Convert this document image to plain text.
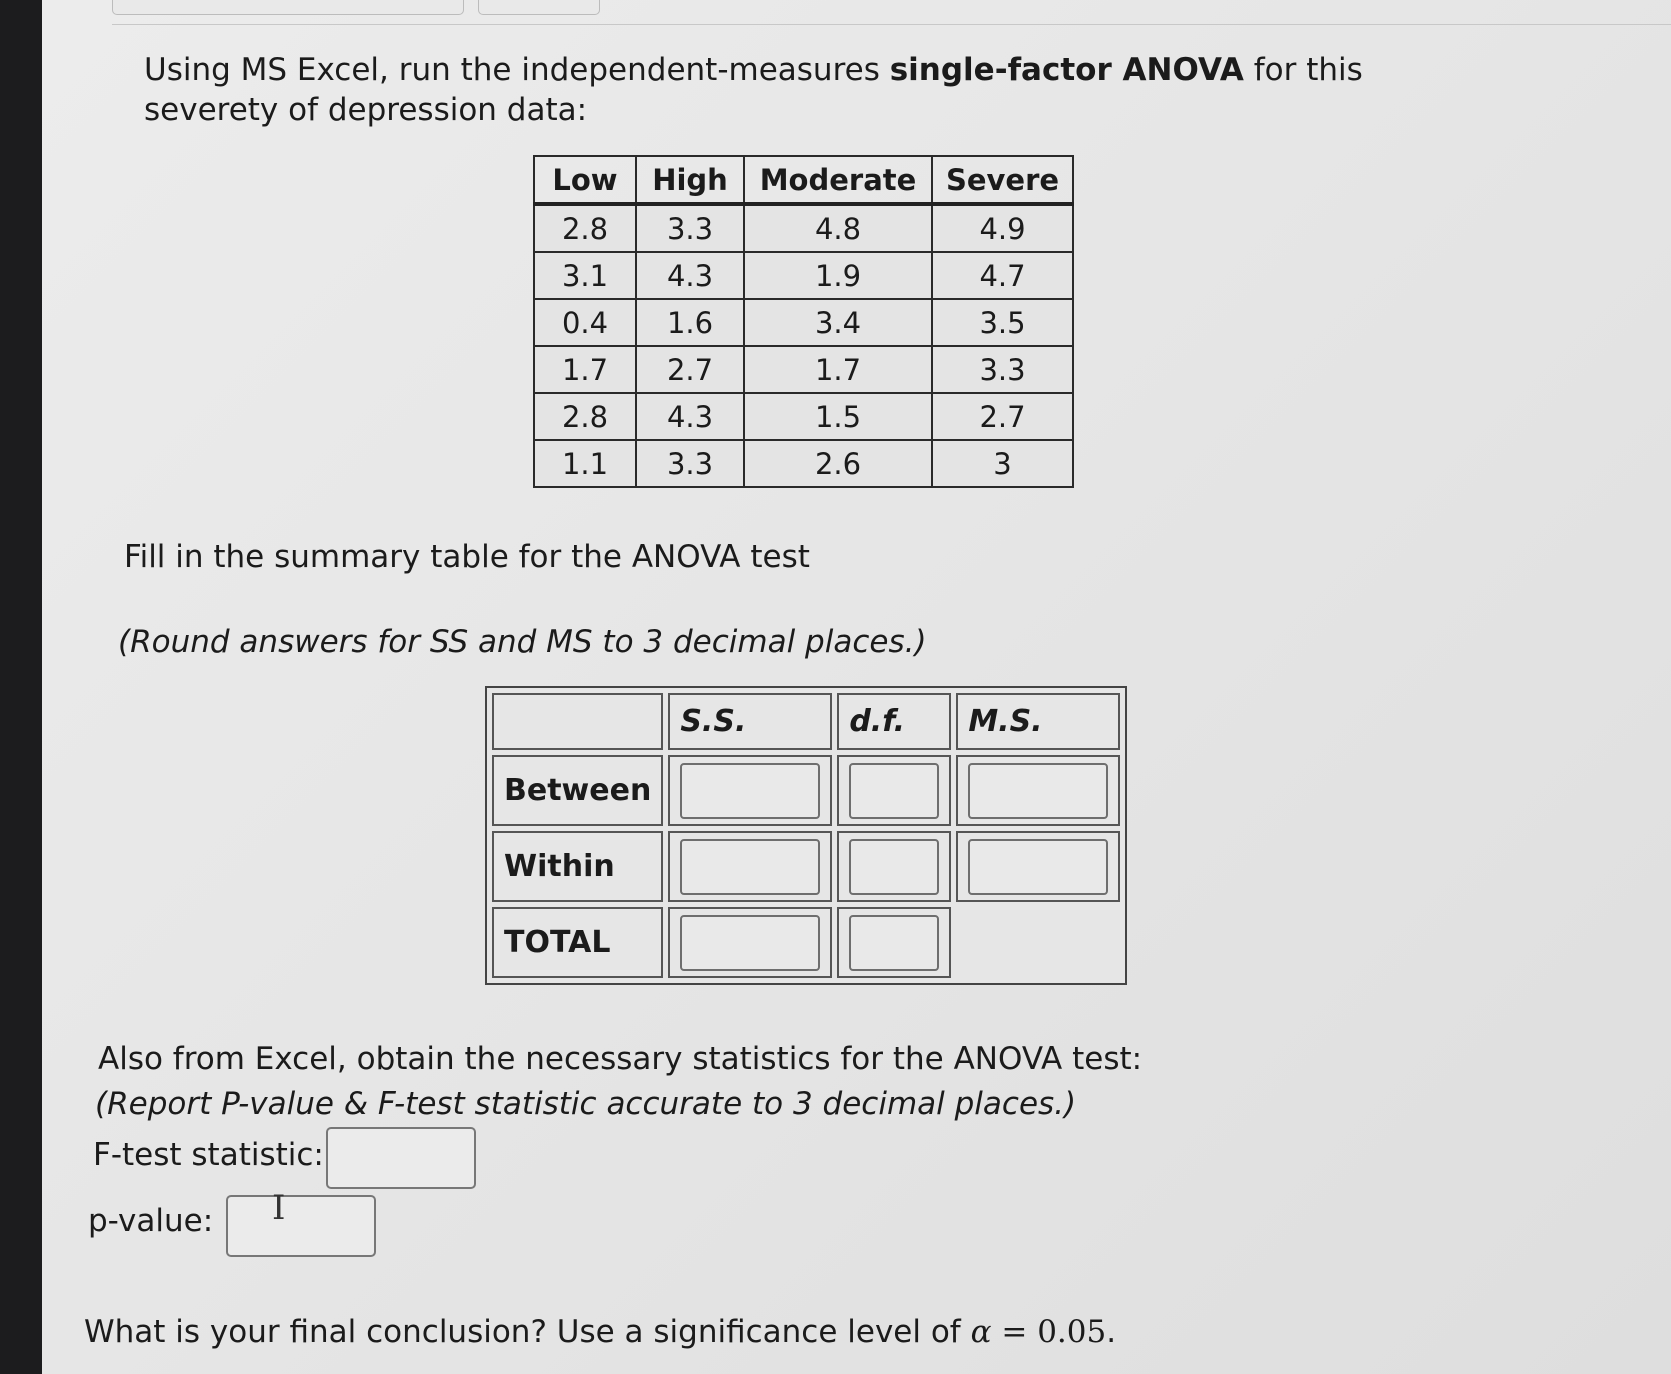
Using MS Excel, run the independent-measures single-factor ANOVA for this severety of depression data:
Low	High	Moderate	Severe
2.8	3.3	4.8	4.9
3.1	4.3	1.9	4.7
0.4	1.6	3.4	3.5
1.7	2.7	1.7	3.3
2.8	4.3	1.5	2.7
1.1	3.3	2.6	3
Fill in the summary table for the ANOVA test
(Round answers for SS and MS to 3 decimal places.)
	S.S.	d.f.	M.S.
Between	

Within	

TOTAL	

Also from Excel, obtain the necessary statistics for the ANOVA test:
(Report P-value & F-test statistic accurate to 3 decimal places.)
F-test statistic:
p-value: I
What is your final conclusion? Use a significance level of α = 0.05.
